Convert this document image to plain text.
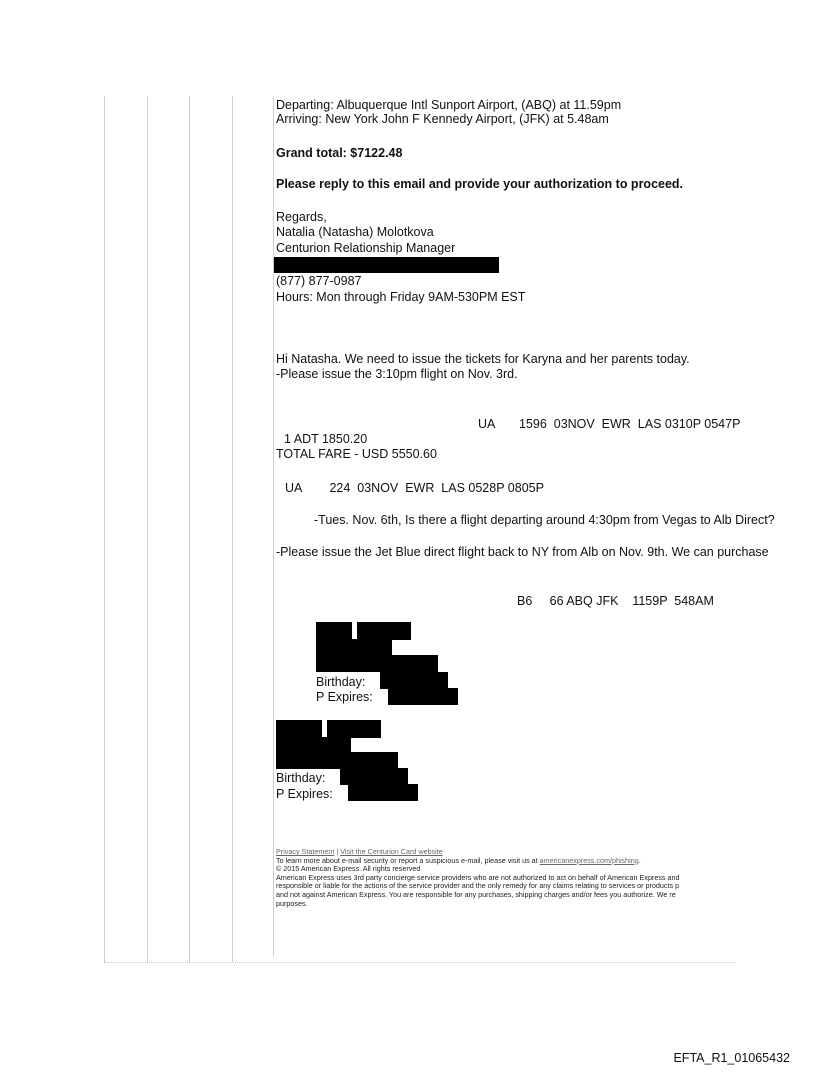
Departing: Albuquerque Intl Sunport Airport, (ABQ) at 11.59pm
Arriving: New York John F Kennedy Airport, (JFK) at 5.48am
Grand total: $7122.48
Please reply to this email and provide your authorization to proceed.
Regards,
Natalia (Natasha) Molotkova
Centurion Relationship Manager
(877) 877-0987
Hours: Mon through Friday 9AM-530PM EST
Hi Natasha. We need to issue the tickets for Karyna and her parents today.
-Please issue the 3:10pm flight on Nov. 3rd.
UA       1596  03NOV  EWR  LAS 0310P 0547P
1 ADT 1850.20
TOTAL FARE - USD 5550.60
UA        224  03NOV  EWR  LAS 0528P 0805P
-Tues. Nov. 6th, Is there a flight departing around 4:30pm from Vegas to Alb Direct?
-Please issue the Jet Blue direct flight back to NY from Alb on Nov. 9th. We can purchase
B6     66 ABQ JFK    1159P  548AM
Birthday:
P Expires:
Birthday:
P Expires:
Privacy Statement | Visit the Centurion Card website
To learn more about e-mail security or report a suspicious e-mail, please visit us at americanexpress.com/phishing.
© 2015 American Express. All rights reserved
American Express uses 3rd party concierge service providers who are not authorized to act on behalf of American Express and
responsible or liable for the actions of the service provider and the only remedy for any claims relating to services or products p
and not against American Express. You are responsible for any purchases, shipping charges and/or fees you authorize. We re
purposes.
EFTA_R1_01065432
